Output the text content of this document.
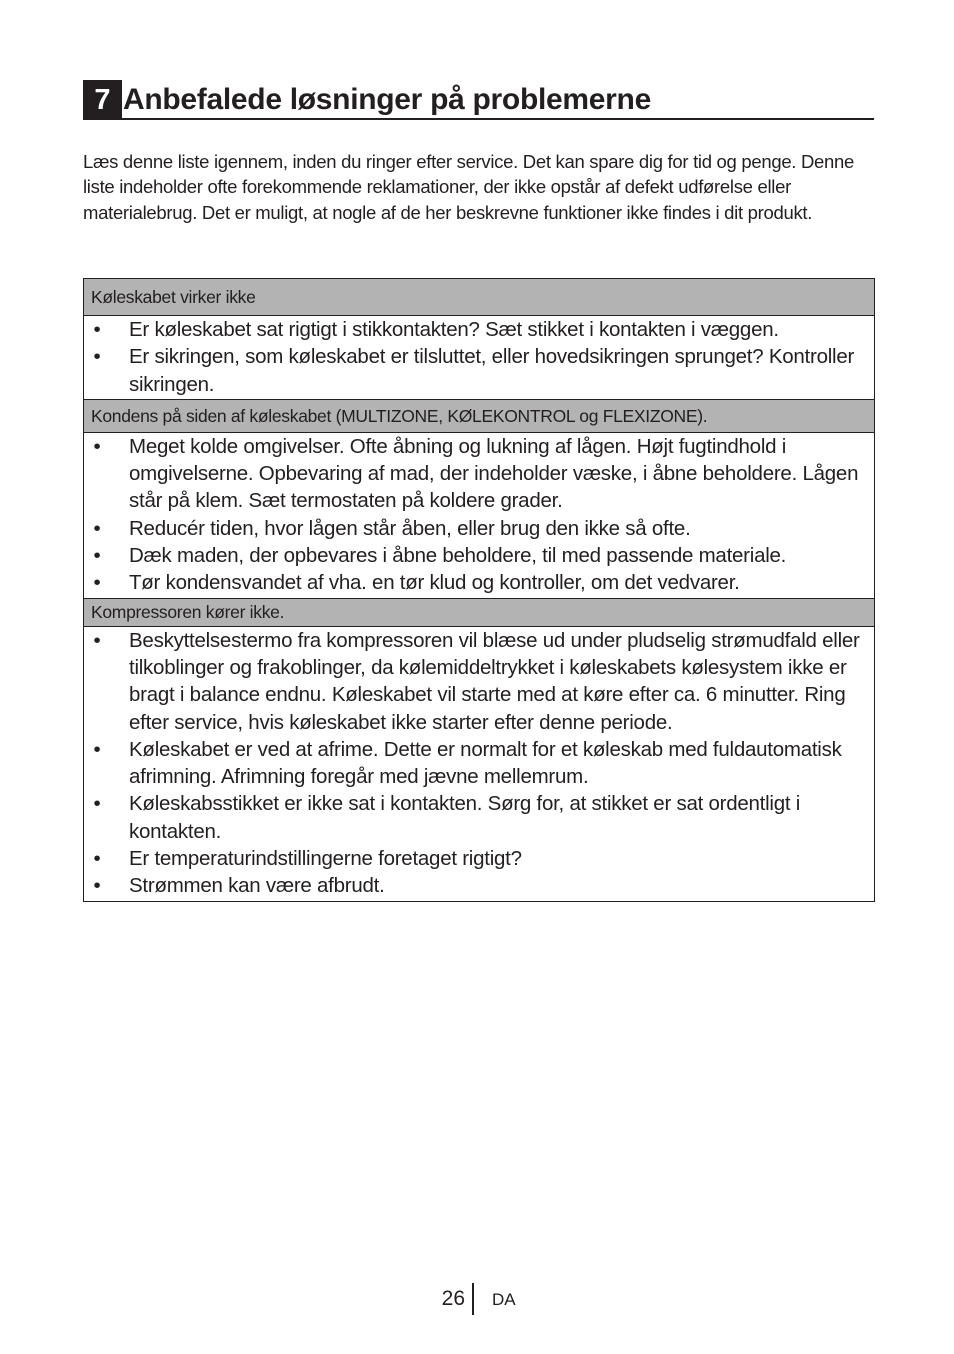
7 Anbefalede løsninger på problemerne

Læs denne liste igennem, inden du ringer efter service. Det kan spare dig for tid og penge. Denne liste indeholder ofte forekommende reklamationer, der ikke opstår af defekt udførelse eller materialebrug. Det er muligt, at nogle af de her beskrevne funktioner ikke findes i dit produkt.

Køleskabet virker ikke

• Er køleskabet sat rigtigt i stikkontakten? Sæt stikket i kontakten i væggen.
• Er sikringen, som køleskabet er tilsluttet, eller hovedsikringen sprunget? Kontroller sikringen.

Kondens på siden af køleskabet (MULTIZONE, KØLEKONTROL og FLEXIZONE).

• Meget kolde omgivelser. Ofte åbning og lukning af lågen. Højt fugtindhold i omgivelserne. Opbevaring af mad, der indeholder væske, i åbne beholdere. Lågen står på klem. Sæt termostaten på koldere grader.
• Reducér tiden, hvor lågen står åben, eller brug den ikke så ofte.
• Dæk maden, der opbevares i åbne beholdere, til med passende materiale.
• Tør kondensvandet af vha. en tør klud og kontroller, om det vedvarer.

Kompressoren kører ikke.

• Beskyttelsestermo fra kompressoren vil blæse ud under pludselig strømudfald eller tilkoblinger og frakoblinger, da kølemiddeltrykket i køleskabets kølesystem ikke er bragt i balance endnu. Køleskabet vil starte med at køre efter ca. 6 minutter. Ring efter service, hvis køleskabet ikke starter efter denne periode.
• Køleskabet er ved at afrime. Dette er normalt for et køleskab med fuldautomatisk afrimning. Afrimning foregår med jævne mellemrum.
• Køleskabsstikket er ikke sat i kontakten. Sørg for, at stikket er sat ordentligt i kontakten.
• Er temperaturindstillingerne foretaget rigtigt?
• Strømmen kan være afbrudt.
26 DA
